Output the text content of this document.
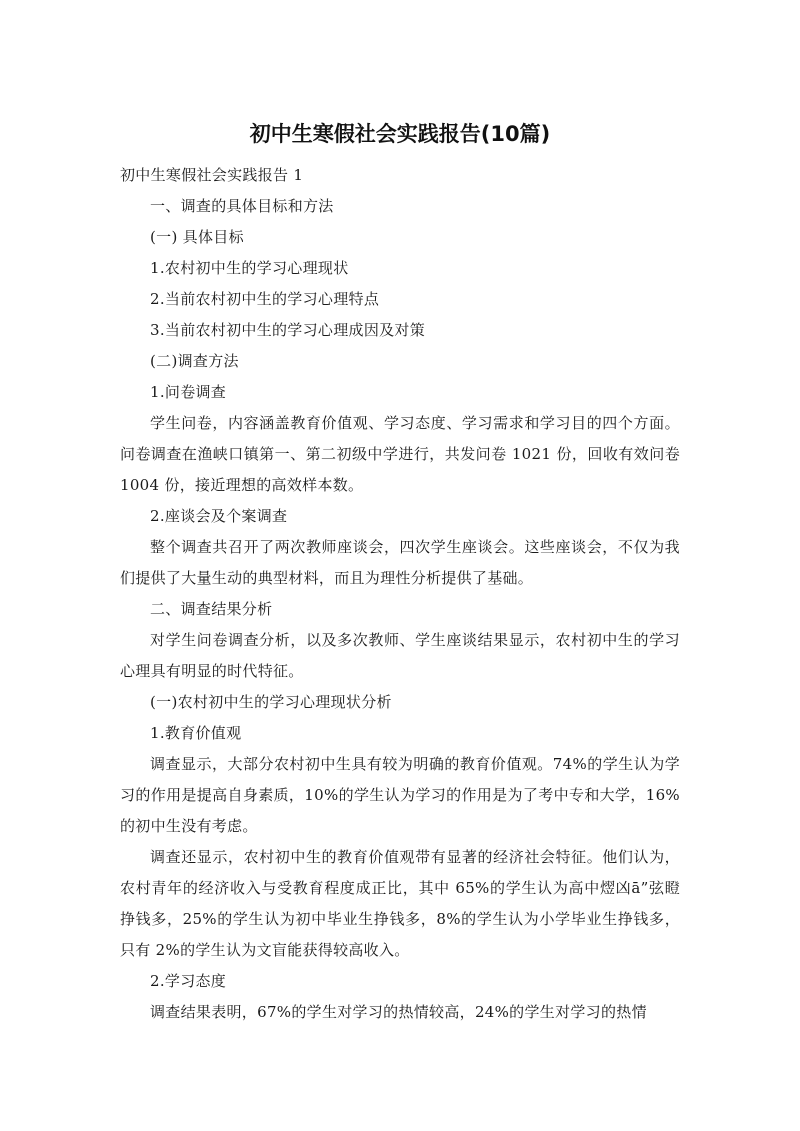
初中生寒假社会实践报告(10篇)

初中生寒假社会实践报告 1

一、调查的具体目标和方法

(一) 具体目标

1.农村初中生的学习心理现状

2.当前农村初中生的学习心理特点

3.当前农村初中生的学习心理成因及对策

(二)调查方法

1.问卷调查

学生问卷，内容涵盖教育价值观、学习态度、学习需求和学习目的四个方面。问卷调查在渔峡口镇第一、第二初级中学进行，共发问卷 1021 份，回收有效问卷 1004 份，接近理想的高效样本数。

2.座谈会及个案调查

整个调查共召开了两次教师座谈会，四次学生座谈会。这些座谈会，不仅为我们提供了大量生动的典型材料，而且为理性分析提供了基础。

二、调查结果分析

对学生问卷调查分析，以及多次教师、学生座谈结果显示，农村初中生的学习心理具有明显的时代特征。

(一)农村初中生的学习心理现状分析

1.教育价值观

调查显示，大部分农村初中生具有较为明确的教育价值观。74%的学生认为学习的作用是提高自身素质，10%的学生认为学习的作用是为了考中专和大学，16%的初中生没有考虑。

调查还显示，农村初中生的教育价值观带有显著的经济社会特征。他们认为，农村青年的经济收入与受教育程度成正比，其中 65%的学生认为高中熤凶ā”弦瞪挣钱多，25%的学生认为初中毕业生挣钱多，8%的学生认为小学毕业生挣钱多，只有 2%的学生认为文盲能获得较高收入。

2.学习态度

调查结果表明，67%的学生对学习的热情较高，24%的学生对学习的热情
